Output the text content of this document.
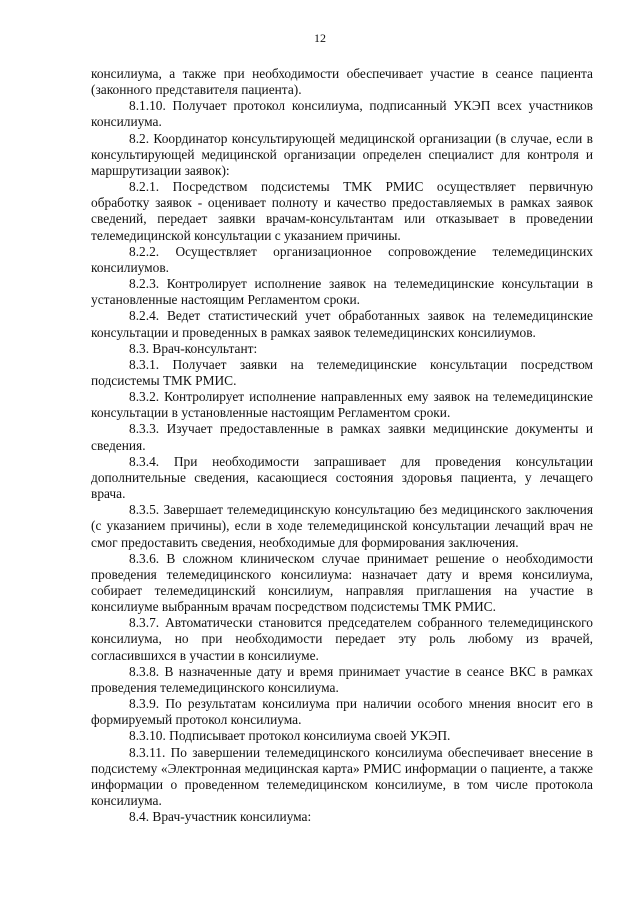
12

консилиума, а также при необходимости обеспечивает участие в сеансе пациента (законного представителя пациента).

8.1.10. Получает протокол консилиума, подписанный УКЭП всех участников консилиума.

8.2. Координатор консультирующей медицинской организации (в случае, если в консультирующей медицинской организации определен специалист для контроля и маршрутизации заявок):

8.2.1. Посредством подсистемы ТМК РМИС осуществляет первичную обработку заявок - оценивает полноту и качество предоставляемых в рамках заявок сведений, передает заявки врачам-консультантам или отказывает в проведении телемедицинской консультации с указанием причины.

8.2.2. Осуществляет организационное сопровождение телемедицинских консилиумов.

8.2.3. Контролирует исполнение заявок на телемедицинские консультации в установленные настоящим Регламентом сроки.

8.2.4. Ведет статистический учет обработанных заявок на телемедицинские консультации и проведенных в рамках заявок телемедицинских консилиумов.

8.3. Врач-консультант:

8.3.1. Получает заявки на телемедицинские консультации посредством подсистемы ТМК РМИС.

8.3.2. Контролирует исполнение направленных ему заявок на телемедицинские консультации в установленные настоящим Регламентом сроки.

8.3.3. Изучает предоставленные в рамках заявки медицинские документы и сведения.

8.3.4. При необходимости запрашивает для проведения консультации дополнительные сведения, касающиеся состояния здоровья пациента, у лечащего врача.

8.3.5. Завершает телемедицинскую консультацию без медицинского заключения (с указанием причины), если в ходе телемедицинской консультации лечащий врач не смог предоставить сведения, необходимые для формирования заключения.

8.3.6. В сложном клиническом случае принимает решение о необходимости проведения телемедицинского консилиума: назначает дату и время консилиума, собирает телемедицинский консилиум, направляя приглашения на участие в консилиуме выбранным врачам посредством подсистемы ТМК РМИС.

8.3.7. Автоматически становится председателем собранного телемедицинского консилиума, но при необходимости передает эту роль любому из врачей, согласившихся в участии в консилиуме.

8.3.8. В назначенные дату и время принимает участие в сеансе ВКС в рамках проведения телемедицинского консилиума.

8.3.9. По результатам консилиума при наличии особого мнения вносит его в формируемый протокол консилиума.

8.3.10. Подписывает протокол консилиума своей УКЭП.

8.3.11. По завершении телемедицинского консилиума обеспечивает внесение в подсистему «Электронная медицинская карта» РМИС информации о пациенте, а также информации о проведенном телемедицинском консилиуме, в том числе протокола консилиума.

8.4. Врач-участник консилиума:
